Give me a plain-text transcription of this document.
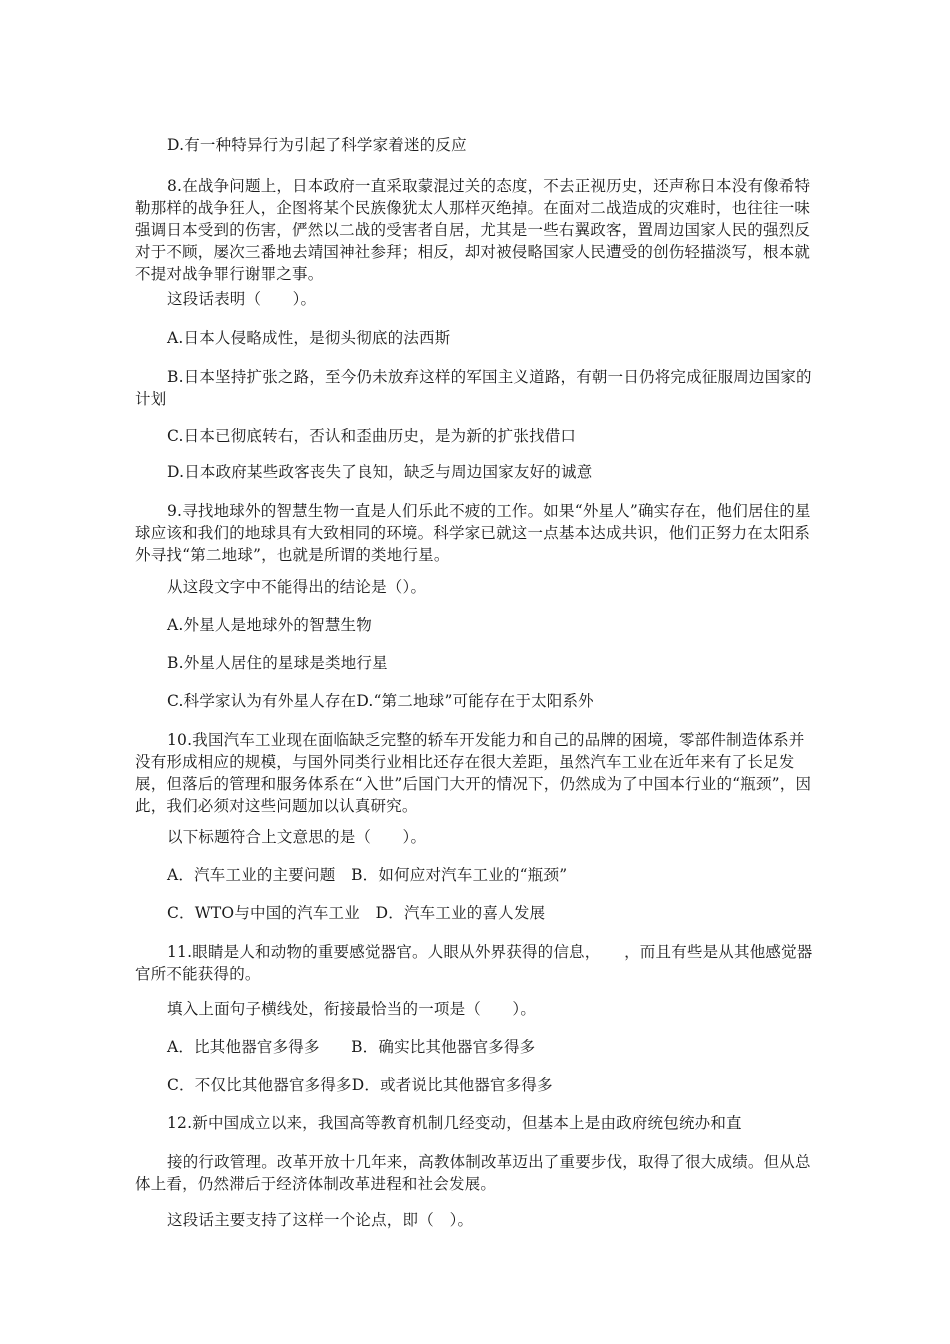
D.有一种特异行为引起了科学家着迷的反应

8.在战争问题上，日本政府一直采取蒙混过关的态度，不去正视历史，还声称日本没有像希特勒那样的战争狂人，企图将某个民族像犹太人那样灭绝掉。在面对二战造成的灾难时，也往往一味强调日本受到的伤害，俨然以二战的受害者自居，尤其是一些右翼政客，置周边国家人民的强烈反对于不顾，屡次三番地去靖国神社参拜；相反，却对被侵略国家人民遭受的创伤轻描淡写，根本就不提对战争罪行谢罪之事。

这段话表明（　　）。

A.日本人侵略成性，是彻头彻底的法西斯

B.日本坚持扩张之路，至今仍未放弃这样的军国主义道路，有朝一日仍将完成征服周边国家的计划

C.日本已彻底转右，否认和歪曲历史，是为新的扩张找借口

D.日本政府某些政客丧失了良知，缺乏与周边国家友好的诚意

9.寻找地球外的智慧生物一直是人们乐此不疲的工作。如果“外星人”确实存在，他们居住的星球应该和我们的地球具有大致相同的环境。科学家已就这一点基本达成共识，他们正努力在太阳系外寻找“第二地球”，也就是所谓的类地行星。

从这段文字中不能得出的结论是（）。

A.外星人是地球外的智慧生物

B.外星人居住的星球是类地行星

C.科学家认为有外星人存在D.“第二地球”可能存在于太阳系外

10.我国汽车工业现在面临缺乏完整的轿车开发能力和自己的品牌的困境，零部件制造体系并没有形成相应的规模，与国外同类行业相比还存在很大差距，虽然汽车工业在近年来有了长足发展，但落后的管理和服务体系在“入世”后国门大开的情况下，仍然成为了中国本行业的“瓶颈”，因此，我们必须对这些问题加以认真研究。

以下标题符合上文意思的是（　　）。

A．汽车工业的主要问题　B．如何应对汽车工业的“瓶颈”

C．WTO与中国的汽车工业　D．汽车工业的喜人发展

11.眼睛是人和动物的重要感觉器官。人眼从外界获得的信息，　　，而且有些是从其他感觉器官所不能获得的。

填入上面句子横线处，衔接最恰当的一项是（　　）。

A．比其他器官多得多　　B．确实比其他器官多得多

C．不仅比其他器官多得多D．或者说比其他器官多得多

12.新中国成立以来，我国高等教育机制几经变动，但基本上是由政府统包统办和直

接的行政管理。改革开放十几年来，高教体制改革迈出了重要步伐，取得了很大成绩。但从总体上看，仍然滞后于经济体制改革进程和社会发展。

这段话主要支持了这样一个论点，即（　）。
